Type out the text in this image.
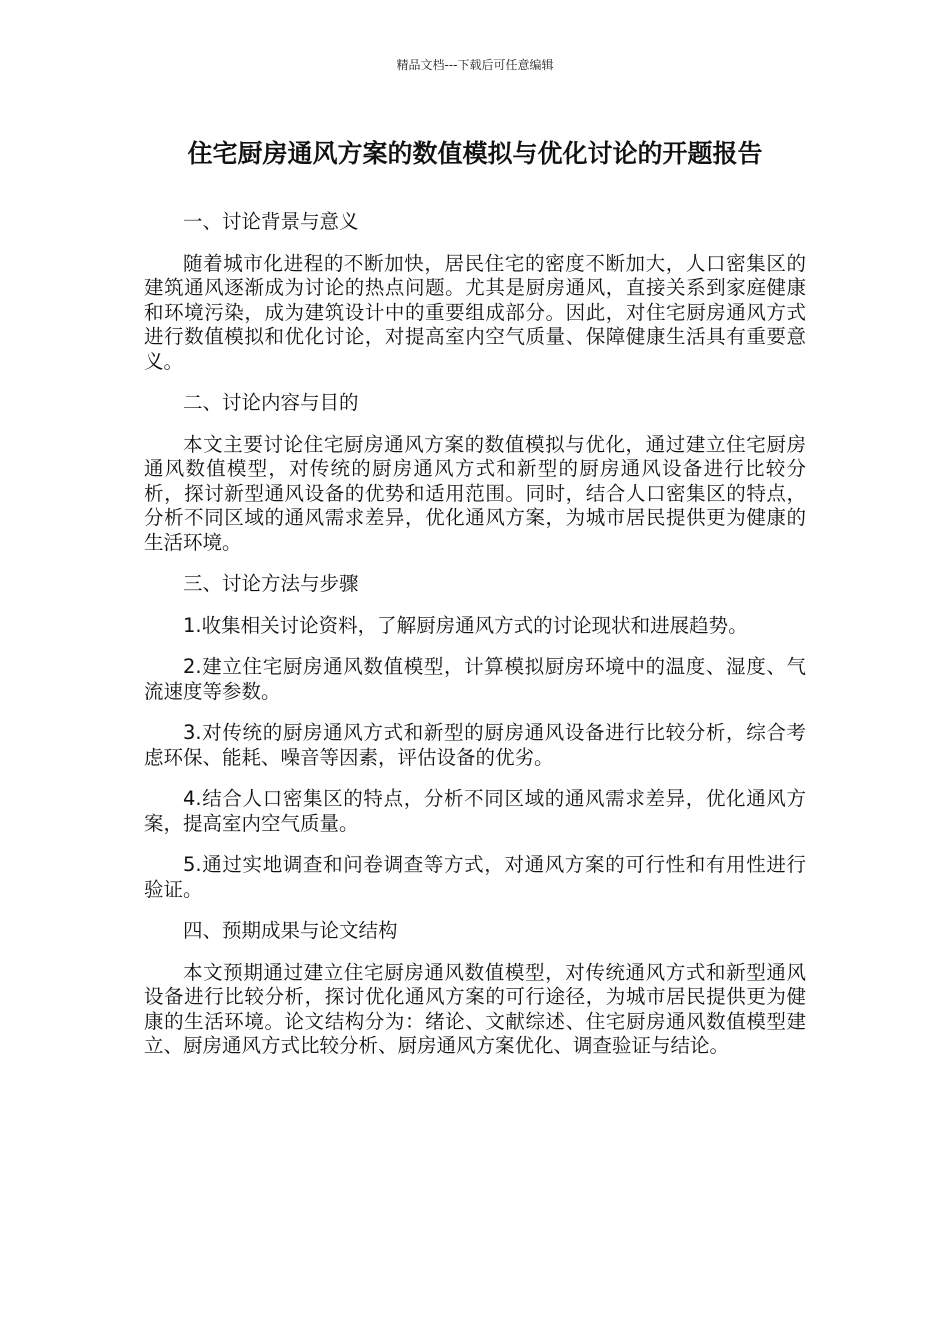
精品文档---下载后可任意编辑
住宅厨房通风方案的数值模拟与优化讨论的开题报告

一、讨论背景与意义

随着城市化进程的不断加快，居民住宅的密度不断加大，人口密集区的建筑通风逐渐成为讨论的热点问题。尤其是厨房通风，直接关系到家庭健康和环境污染，成为建筑设计中的重要组成部分。因此，对住宅厨房通风方式进行数值模拟和优化讨论，对提高室内空气质量、保障健康生活具有重要意义。

二、讨论内容与目的

本文主要讨论住宅厨房通风方案的数值模拟与优化，通过建立住宅厨房通风数值模型，对传统的厨房通风方式和新型的厨房通风设备进行比较分析，探讨新型通风设备的优势和适用范围。同时，结合人口密集区的特点，分析不同区域的通风需求差异，优化通风方案，为城市居民提供更为健康的生活环境。

三、讨论方法与步骤

1.收集相关讨论资料，了解厨房通风方式的讨论现状和进展趋势。

2.建立住宅厨房通风数值模型，计算模拟厨房环境中的温度、湿度、气流速度等参数。

3.对传统的厨房通风方式和新型的厨房通风设备进行比较分析，综合考虑环保、能耗、噪音等因素，评估设备的优劣。

4.结合人口密集区的特点，分析不同区域的通风需求差异，优化通风方案，提高室内空气质量。

5.通过实地调查和问卷调查等方式，对通风方案的可行性和有用性进行验证。

四、预期成果与论文结构

本文预期通过建立住宅厨房通风数值模型，对传统通风方式和新型通风设备进行比较分析，探讨优化通风方案的可行途径，为城市居民提供更为健康的生活环境。论文结构分为：绪论、文献综述、住宅厨房通风数值模型建立、厨房通风方式比较分析、厨房通风方案优化、调查验证与结论。
